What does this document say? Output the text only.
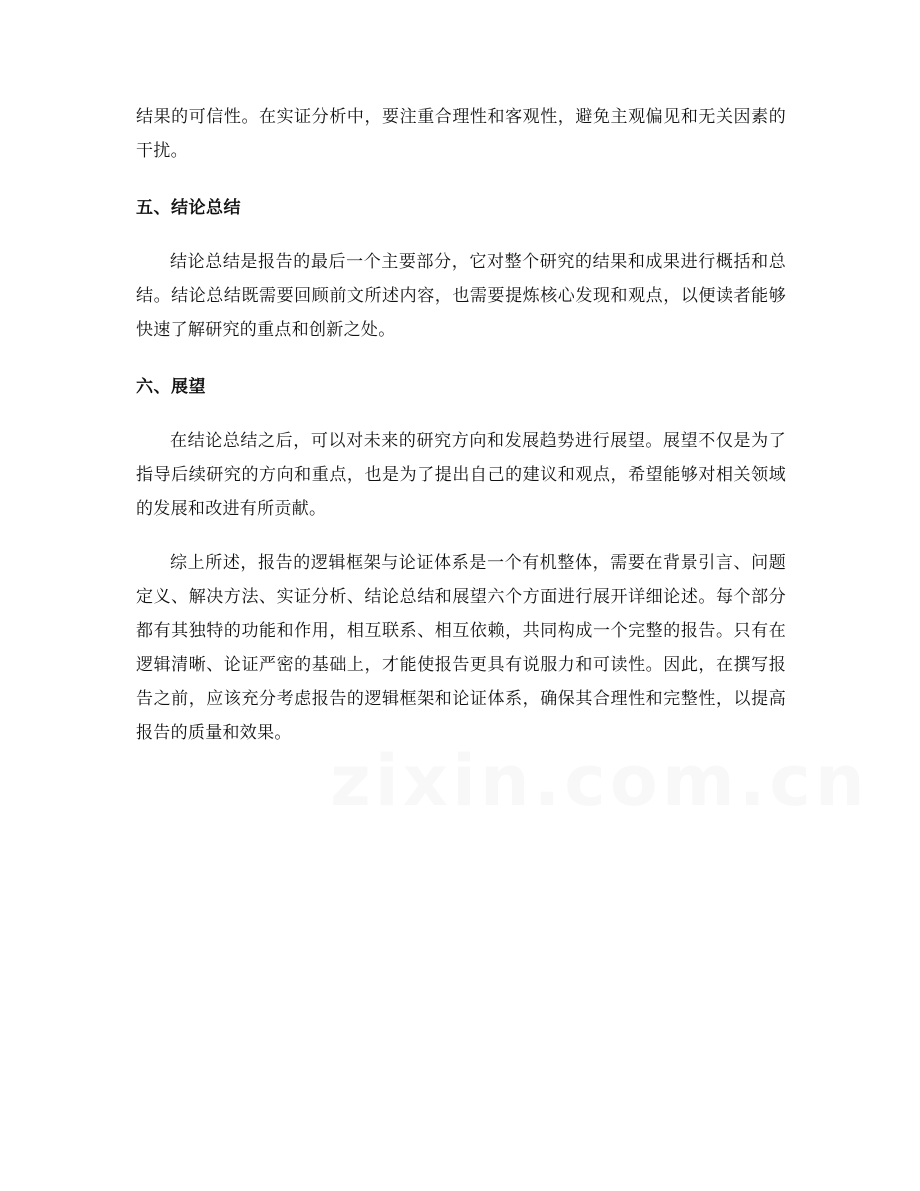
结果的可信性。在实证分析中，要注重合理性和客观性，避免主观偏见和无关因素的干扰。

五、结论总结

结论总结是报告的最后一个主要部分，它对整个研究的结果和成果进行概括和总结。结论总结既需要回顾前文所述内容，也需要提炼核心发现和观点，以便读者能够快速了解研究的重点和创新之处。

六、展望

在结论总结之后，可以对未来的研究方向和发展趋势进行展望。展望不仅是为了指导后续研究的方向和重点，也是为了提出自己的建议和观点，希望能够对相关领域的发展和改进有所贡献。

综上所述，报告的逻辑框架与论证体系是一个有机整体，需要在背景引言、问题定义、解决方法、实证分析、结论总结和展望六个方面进行展开详细论述。每个部分都有其独特的功能和作用，相互联系、相互依赖，共同构成一个完整的报告。只有在逻辑清晰、论证严密的基础上，才能使报告更具有说服力和可读性。因此，在撰写报告之前，应该充分考虑报告的逻辑框架和论证体系，确保其合理性和完整性，以提高报告的质量和效果。
